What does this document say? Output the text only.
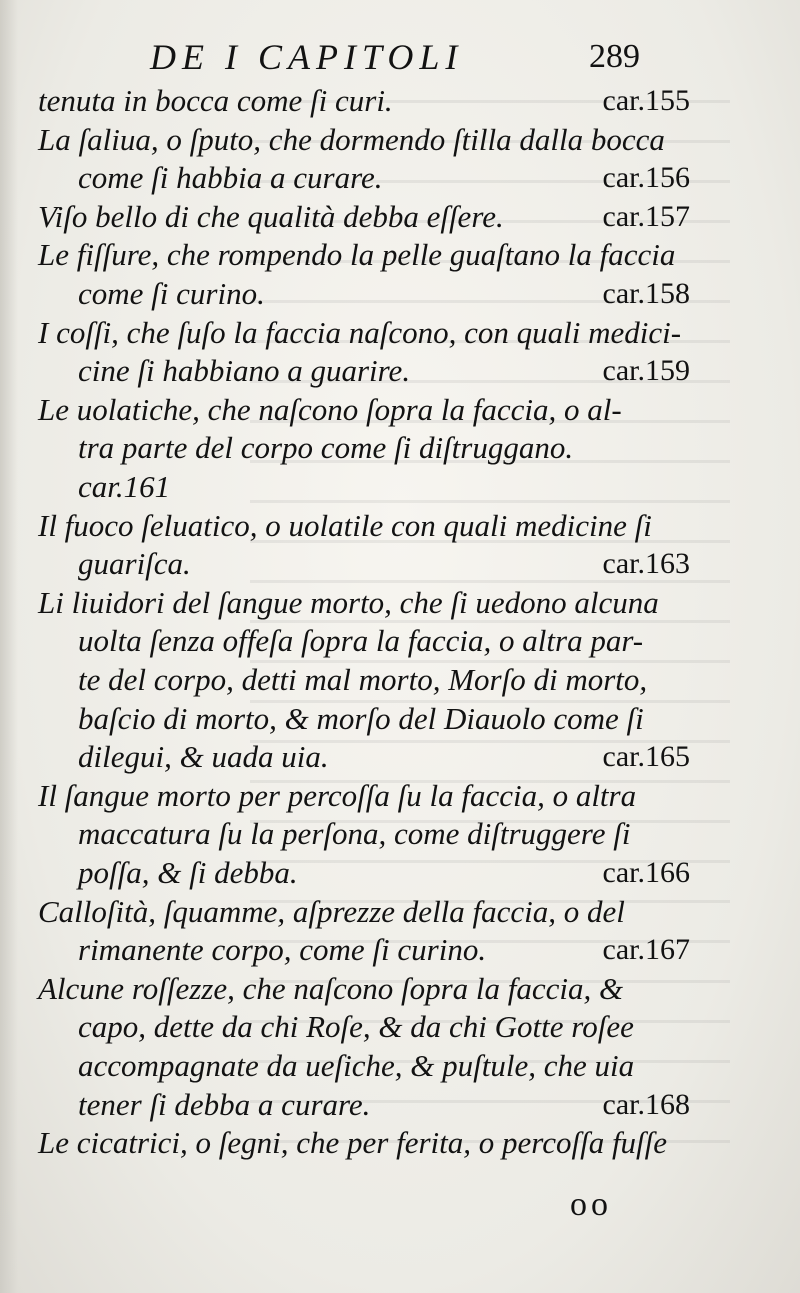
DE I CAPITOLI	289
tenuta in bocca come ſi curi.	car.155
La ſaliua, o ſputo, che dormendo ſtilla dalla bocca
come ſi habbia a curare.	car.156
Viſo bello di che qualità debba eſſere.	car.157
Le fiſſure, che rompendo la pelle guaſtano la faccia
come ſi curino.	car.158
I coſſi, che ſuſo la faccia naſcono, con quali medici-
cine ſi habbiano a guarire.	car.159
Le uolatiche, che naſcono ſopra la faccia, o al-
tra parte del corpo come ſi diſtruggano.
car.161
Il fuoco ſeluatico, o uolatile con quali medicine ſi
guariſca.	car.163
Li liuidori del ſangue morto, che ſi uedono alcuna
uolta ſenza offeſa ſopra la faccia, o altra par-
te del corpo, detti mal morto, Morſo di morto,
baſcio di morto, & morſo del Diauolo come ſi
dilegui, & uada uia.	car.165
Il ſangue morto per percoſſa ſu la faccia, o altra
maccatura ſu la perſona, come diſtruggere ſi
poſſa, & ſi debba.	car.166
Calloſità, ſquamme, aſprezze della faccia, o del
rimanente corpo, come ſi curino.	car.167
Alcune roſſezze, che naſcono ſopra la faccia, &
capo, dette da chi Roſe, & da chi Gotte roſee
accompagnate da ueſiche, & puſtule, che uia
tener ſi debba a curare.	car.168
Le cicatrici, o ſegni, che per ferita, o percoſſa fuſſe
oo
